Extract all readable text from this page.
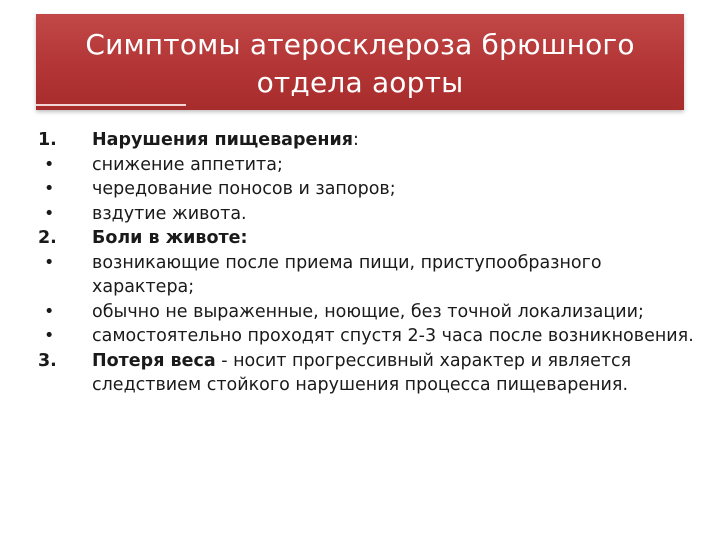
Симптомы атеросклероза брюшного
отдела аорты
1.	Нарушения пищеварения:
•	снижение аппетита;
•	чередование поносов и запоров;
•	вздутие живота.
2.	Боли в животе:
•	возникающие после приема пищи, приступообразного характера;
•	обычно не выраженные, ноющие, без точной локализации;
•	самостоятельно проходят спустя 2-3 часа после возникновения.
3.	Потеря веса - носит прогрессивный характер и является следствием стойкого нарушения процесса пищеварения.
